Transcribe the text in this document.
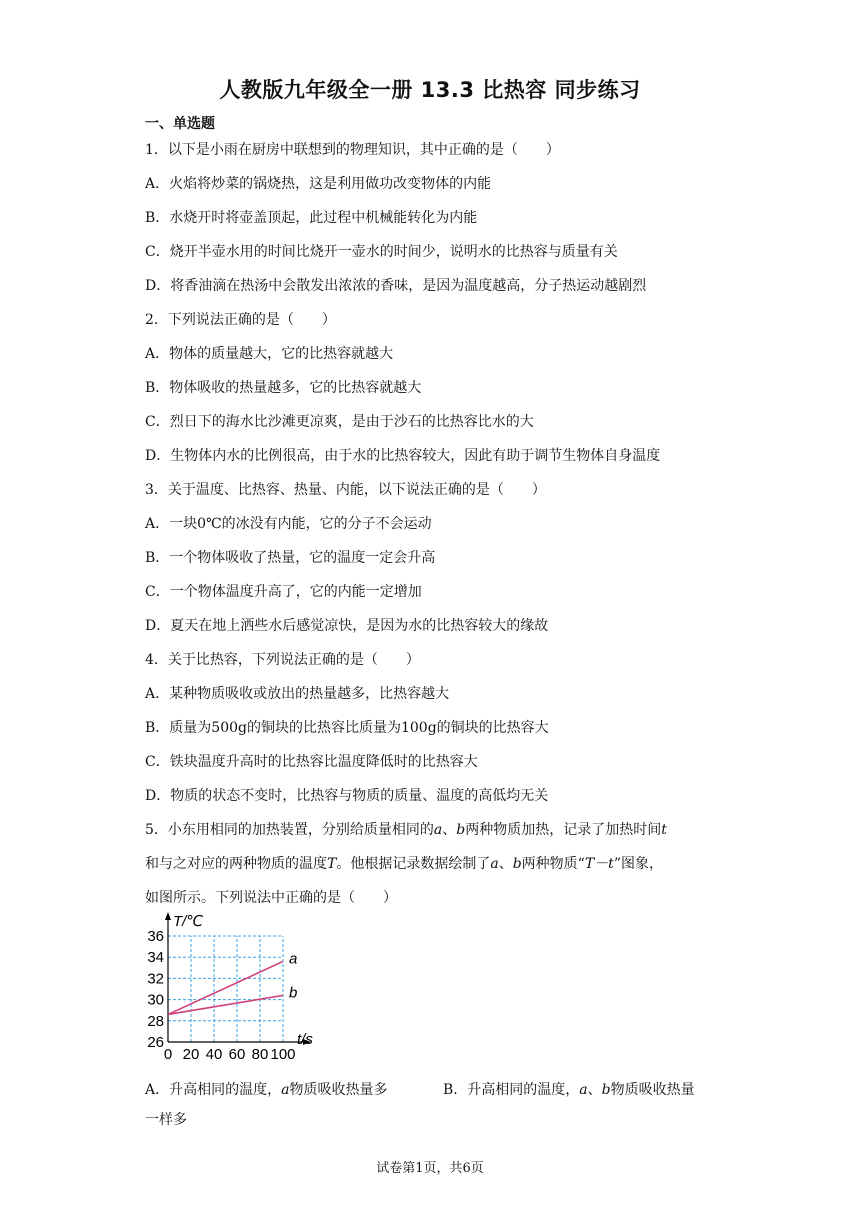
人教版九年级全一册 13.3 比热容 同步练习
一、单选题
1．以下是小雨在厨房中联想到的物理知识，其中正确的是（　　）
A．火焰将炒菜的锅烧热，这是利用做功改变物体的内能
B．水烧开时将壶盖顶起，此过程中机械能转化为内能
C．烧开半壶水用的时间比烧开一壶水的时间少，说明水的比热容与质量有关
D．将香油滴在热汤中会散发出浓浓的香味，是因为温度越高，分子热运动越剧烈
2．下列说法正确的是（　　）
A．物体的质量越大，它的比热容就越大
B．物体吸收的热量越多，它的比热容就越大
C．烈日下的海水比沙滩更凉爽，是由于沙石的比热容比水的大
D．生物体内水的比例很高，由于水的比热容较大，因此有助于调节生物体自身温度
3．关于温度、比热容、热量、内能，以下说法正确的是（　　）
A．一块0℃的冰没有内能，它的分子不会运动
B．一个物体吸收了热量，它的温度一定会升高
C．一个物体温度升高了，它的内能一定增加
D．夏天在地上洒些水后感觉凉快，是因为水的比热容较大的缘故
4．关于比热容，下列说法正确的是（　　）
A．某种物质吸收或放出的热量越多，比热容越大
B．质量为500g的铜块的比热容比质量为100g的铜块的比热容大
C．铁块温度升高时的比热容比温度降低时的比热容大
D．物质的状态不变时，比热容与物质的质量、温度的高低均无关
5．小东用相同的加热装置，分别给质量相同的a、b两种物质加热，记录了加热时间t
和与之对应的两种物质的温度T。他根据记录数据绘制了a、b两种物质“T－t”图象，
如图所示。下列说法中正确的是（　　）
26
28
30
32
34
36
0 20 40 60 80 100
T/℃
t/s
a
b
A．升高相同的温度，a物质吸收热量多	B．升高相同的温度，a、b物质吸收热量
一样多
试卷第1页，共6页
